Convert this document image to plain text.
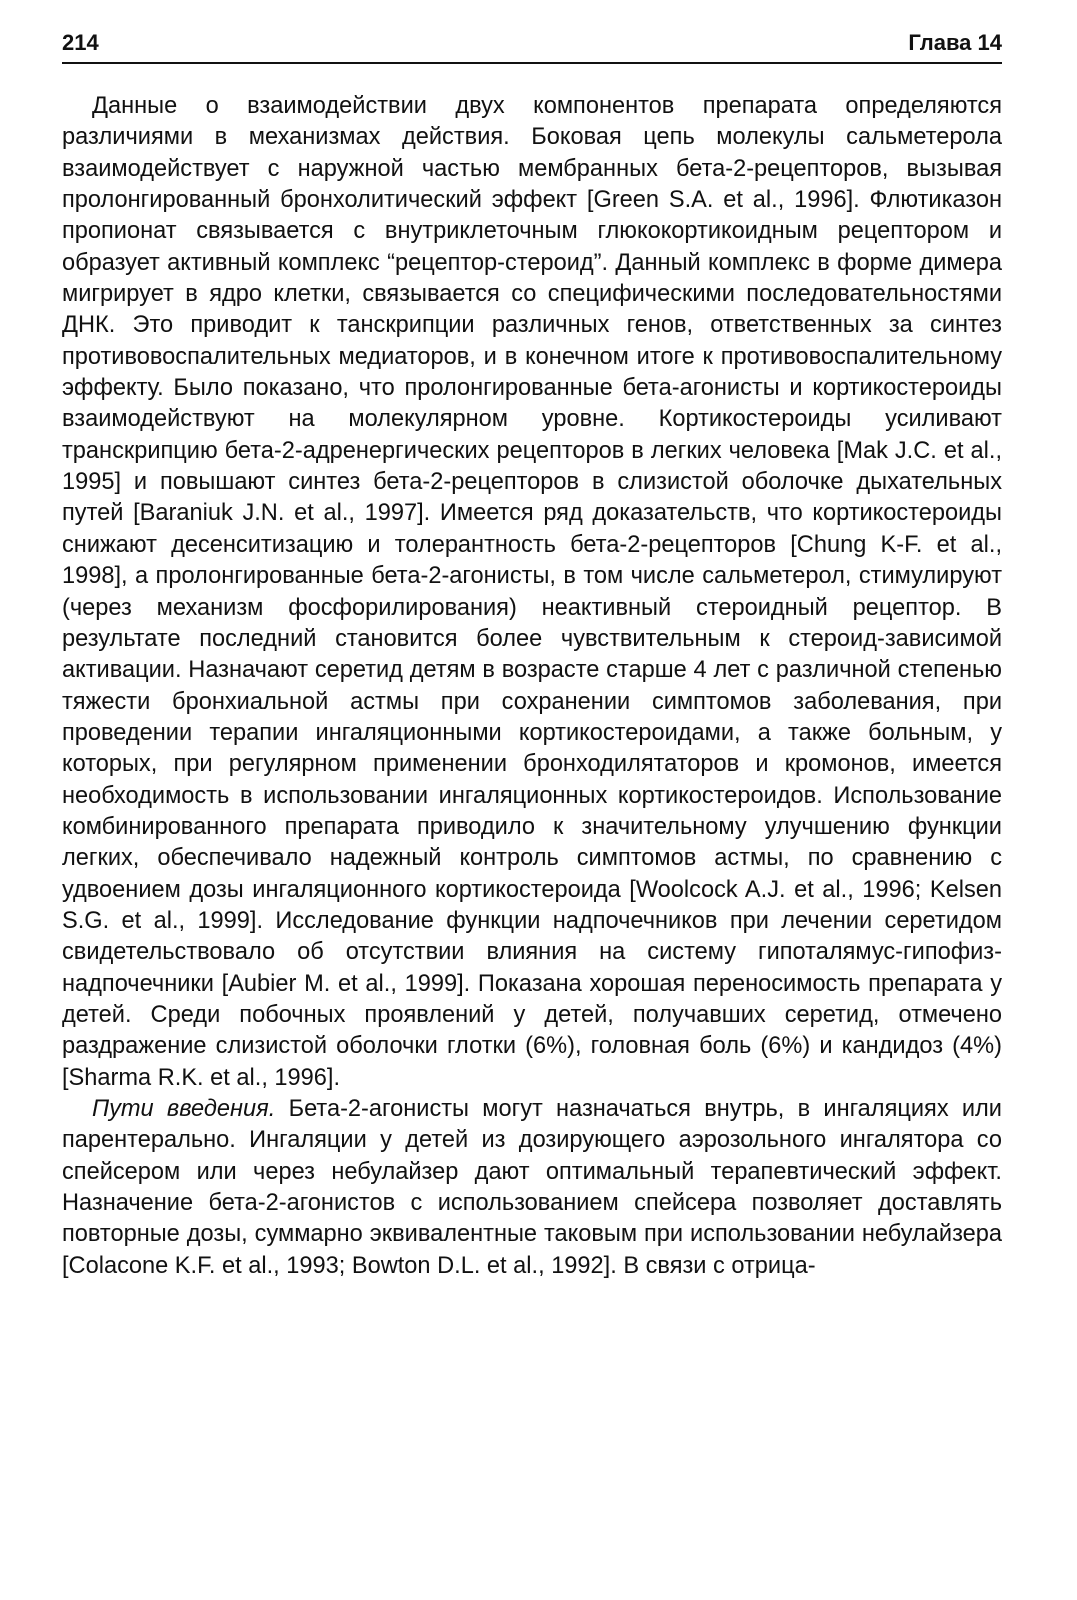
214	Глава 14

Данные о взаимодействии двух компонентов препарата определяются различиями в механизмах действия. Боковая цепь молекулы сальметерола взаимодействует с наружной частью мембранных бета-2-рецепторов, вызывая пролонгированный бронхолитический эффект [Green S.A. et al., 1996]. Флютиказон пропионат связывается с внутриклеточным глюкокортикоидным рецептором и образует активный комплекс “рецептор-стероид”. Данный комплекс в форме димера мигрирует в ядро клетки, связывается со специфическими последовательностями ДНК. Это приводит к танскрипции различных генов, ответственных за синтез противовоспалительных медиаторов, и в конечном итоге к противовоспалительному эффекту. Было показано, что пролонгированные бета-агонисты и кортикостероиды взаимодействуют на молекулярном уровне. Кортикостероиды усиливают транскрипцию бета-2-адренергических рецепторов в легких человека [Mak J.C. et al., 1995] и повышают синтез бета-2-рецепторов в слизистой оболочке дыхательных путей [Baraniuk J.N. et al., 1997]. Имеется ряд доказательств, что кортикостероиды снижают десенситизацию и толерантность бета-2-рецепторов [Chung K-F. et al., 1998], а пролонгированные бета-2-агонисты, в том числе сальметерол, стимулируют (через механизм фосфорилирования) неактивный стероидный рецептор. В результате последний становится более чувствительным к стероид-зависимой активации. Назначают серетид детям в возрасте старше 4 лет с различной степенью тяжести бронхиальной астмы при сохранении симптомов заболевания, при проведении терапии ингаляционными кортикостероидами, а также больным, у которых, при регулярном применении бронходилятаторов и кромонов, имеется необходимость в использовании ингаляционных кортикостероидов. Использование комбинированного препарата приводило к значительному улучшению функции легких, обеспечивало надежный контроль симптомов астмы, по сравнению с удвоением дозы ингаляционного кортикостероида [Woolcock A.J. et al., 1996; Kelsen S.G. et al., 1999]. Исследование функции надпочечников при лечении серетидом свидетельствовало об отсутствии влияния на систему гипоталямус-гипофиз-надпочечники [Aubier M. et al., 1999]. Показана хорошая переносимость препарата у детей. Среди побочных проявлений у детей, получавших серетид, отмечено раздражение слизистой оболочки глотки (6%), головная боль (6%) и кандидоз (4%) [Sharma R.K. et al., 1996].

Пути введения. Бета-2-агонисты могут назначаться внутрь, в ингаляциях или парентерально. Ингаляции у детей из дозирующего аэрозольного ингалятора со спейсером или через небулайзер дают оптимальный терапевтический эффект. Назначение бета-2-агонистов с использованием спейсера позволяет доставлять повторные дозы, суммарно эквивалентные таковым при использовании небулайзера [Colacone K.F. et al., 1993; Bowton D.L. et al., 1992]. В связи с отрица-
